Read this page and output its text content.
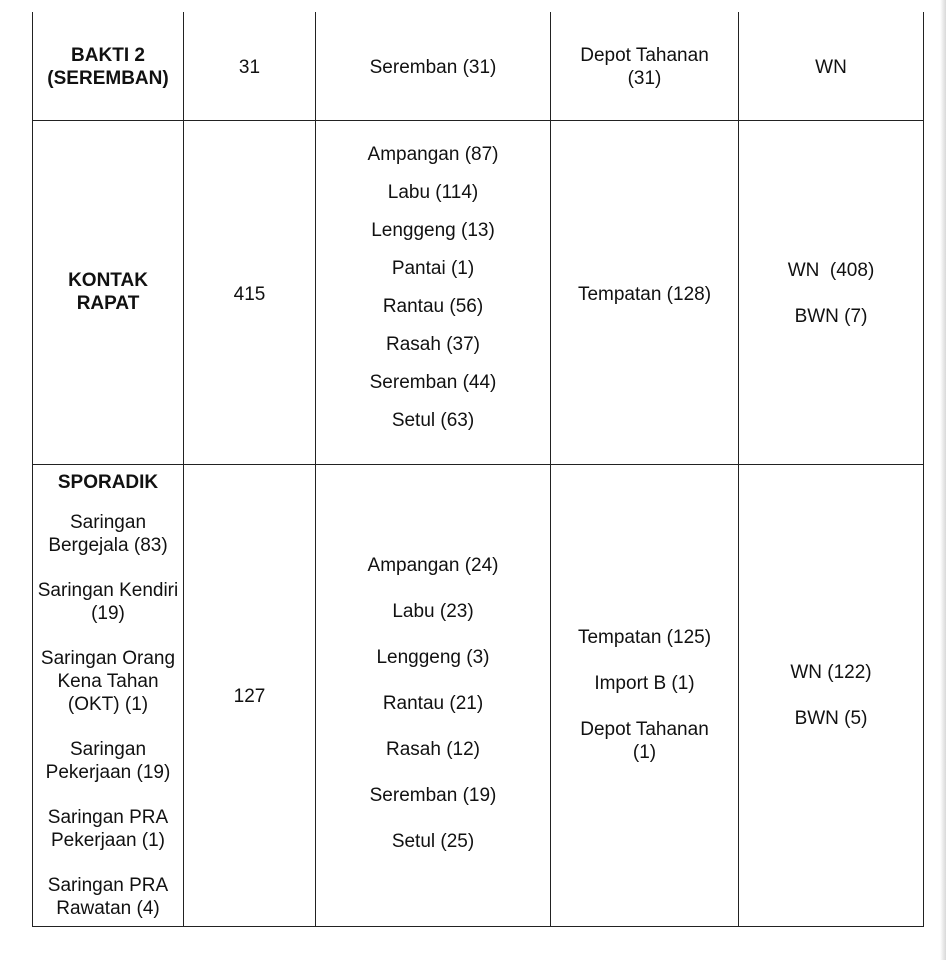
BAKTI 2
(SEREMBAN)
31	Seremban (31)
Depot Tahanan
(31)
WN
KONTAK
RAPAT	415
Ampangan (87)
Labu (114)
Lenggeng (13)
Pantai (1)
Rantau (56)
Rasah (37)
Seremban (44)
Setul (63)
Tempatan (128)
WN  (408)
BWN (7)
SPORADIK
Saringan
Bergejala (83)
Saringan Kendiri
(19)
Saringan Orang
Kena Tahan
(OKT) (1)
Saringan
Pekerjaan (19)
Saringan PRA
Pekerjaan (1)
Saringan PRA
Rawatan (4)
127
Ampangan (24)
Labu (23)
Lenggeng (3)
Rantau (21)
Rasah (12)
Seremban (19)
Setul (25)
Tempatan (125)
Import B (1)
Depot Tahanan
(1)
WN (122)
BWN (5)
